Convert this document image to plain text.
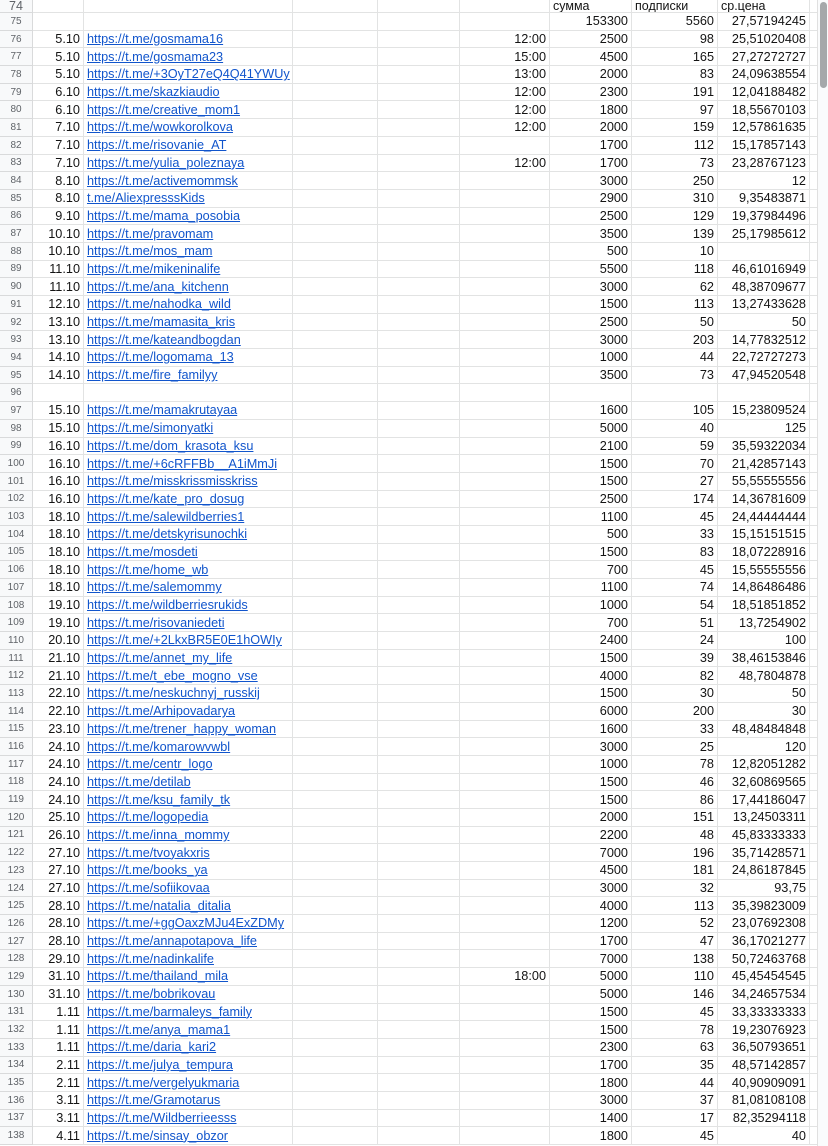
74	сумма	подписки	ср.цена
75	153300	5560	27,57194245
76	5.10 https://t.me/gosmama16	12:00	2500	98	25,51020408
77	5.10 https://t.me/gosmama23	15:00	4500	165	27,27272727
78	5.10 https://t.me/+3OyT27eQ4Q41YWUy	13:00	2000	83	24,09638554
79	6.10 https://t.me/skazkiaudio	12:00	2300	191	12,04188482
80	6.10 https://t.me/creative_mom1	12:00	1800	97	18,55670103
81	7.10 https://t.me/wowkorolkova	12:00	2000	159	12,57861635
82	7.10 https://t.me/risovanie_AT	1700	112	15,17857143
83	7.10 https://t.me/yulia_poleznaya	12:00	1700	73	23,28767123
84	8.10 https://t.me/activemommsk	3000	250	12
85	8.10 t.me/AliexpresssKids	2900	310	9,35483871
86	9.10 https://t.me/mama_posobia	2500	129	19,37984496
87	10.10 https://t.me/pravomam	3500	139	25,17985612
88	10.10 https://t.me/mos_mam	500	10
89	11.10 https://t.me/mikeninalife	5500	118	46,61016949
90	11.10 https://t.me/ana_kitchenn	3000	62	48,38709677
91	12.10 https://t.me/nahodka_wild	1500	113	13,27433628
92	13.10 https://t.me/mamasita_kris	2500	50	50
93	13.10 https://t.me/kateandbogdan	3000	203	14,77832512
94	14.10 https://t.me/logomama_13	1000	44	22,72727273
95	14.10 https://t.me/fire_familyy	3500	73	47,94520548
96
97	15.10 https://t.me/mamakrutayaa	1600	105	15,23809524
98	15.10 https://t.me/simonyatki	5000	40	125
99	16.10 https://t.me/dom_krasota_ksu	2100	59	35,59322034
100	16.10 https://t.me/+6cRFFBb__A1iMmJi	1500	70	21,42857143
101	16.10 https://t.me/misskrissmisskriss	1500	27	55,55555556
102	16.10 https://t.me/kate_pro_dosug	2500	174	14,36781609
103	18.10 https://t.me/salewildberries1	1100	45	24,44444444
104	18.10 https://t.me/detskyrisunochki	500	33	15,15151515
105	18.10 https://t.me/mosdeti	1500	83	18,07228916
106	18.10 https://t.me/home_wb	700	45	15,55555556
107	18.10 https://t.me/salemommy	1100	74	14,86486486
108	19.10 https://t.me/wildberriesrukids	1000	54	18,51851852
109	19.10 https://t.me/risovaniedeti	700	51	13,7254902
110	20.10 https://t.me/+2LkxBR5E0E1hOWIy	2400	24	100
111	21.10 https://t.me/annet_my_life	1500	39	38,46153846
112	21.10 https://t.me/t_ebe_mogno_vse	4000	82	48,7804878
113	22.10 https://t.me/neskuchnyj_russkij	1500	30	50
114	22.10 https://t.me/Arhipovadarya	6000	200	30
115	23.10 https://t.me/trener_happy_woman	1600	33	48,48484848
116	24.10 https://t.me/komarowvwbl	3000	25	120
117	24.10 https://t.me/centr_logo	1000	78	12,82051282
118	24.10 https://t.me/detilab	1500	46	32,60869565
119	24.10 https://t.me/ksu_family_tk	1500	86	17,44186047
120	25.10 https://t.me/logopedia	2000	151	13,24503311
121	26.10 https://t.me/inna_mommy	2200	48	45,83333333
122	27.10 https://t.me/tvoyakxris	7000	196	35,71428571
123	27.10 https://t.me/books_ya	4500	181	24,86187845
124	27.10 https://t.me/sofiikovaa	3000	32	93,75
125	28.10 https://t.me/natalia_ditalia	4000	113	35,39823009
126	28.10 https://t.me/+ggOaxzMJu4ExZDMy	1200	52	23,07692308
127	28.10 https://t.me/annapotapova_life	1700	47	36,17021277
128	29.10 https://t.me/nadinkalife	7000	138	50,72463768
129	31.10 https://t.me/thailand_mila	18:00	5000	110	45,45454545
130	31.10 https://t.me/bobrikovau	5000	146	34,24657534
131	1.11 https://t.me/barmaleys_family	1500	45	33,33333333
132	1.11 https://t.me/anya_mama1	1500	78	19,23076923
133	1.11 https://t.me/daria_kari2	2300	63	36,50793651
134	2.11 https://t.me/julya_tempura	1700	35	48,57142857
135	2.11 https://t.me/vergelyukmaria	1800	44	40,90909091
136	3.11 https://t.me/Gramotarus	3000	37	81,08108108
137	3.11 https://t.me/Wildberrieesss	1400	17	82,35294118
138	4.11 https://t.me/sinsay_obzor	1800	45	40
